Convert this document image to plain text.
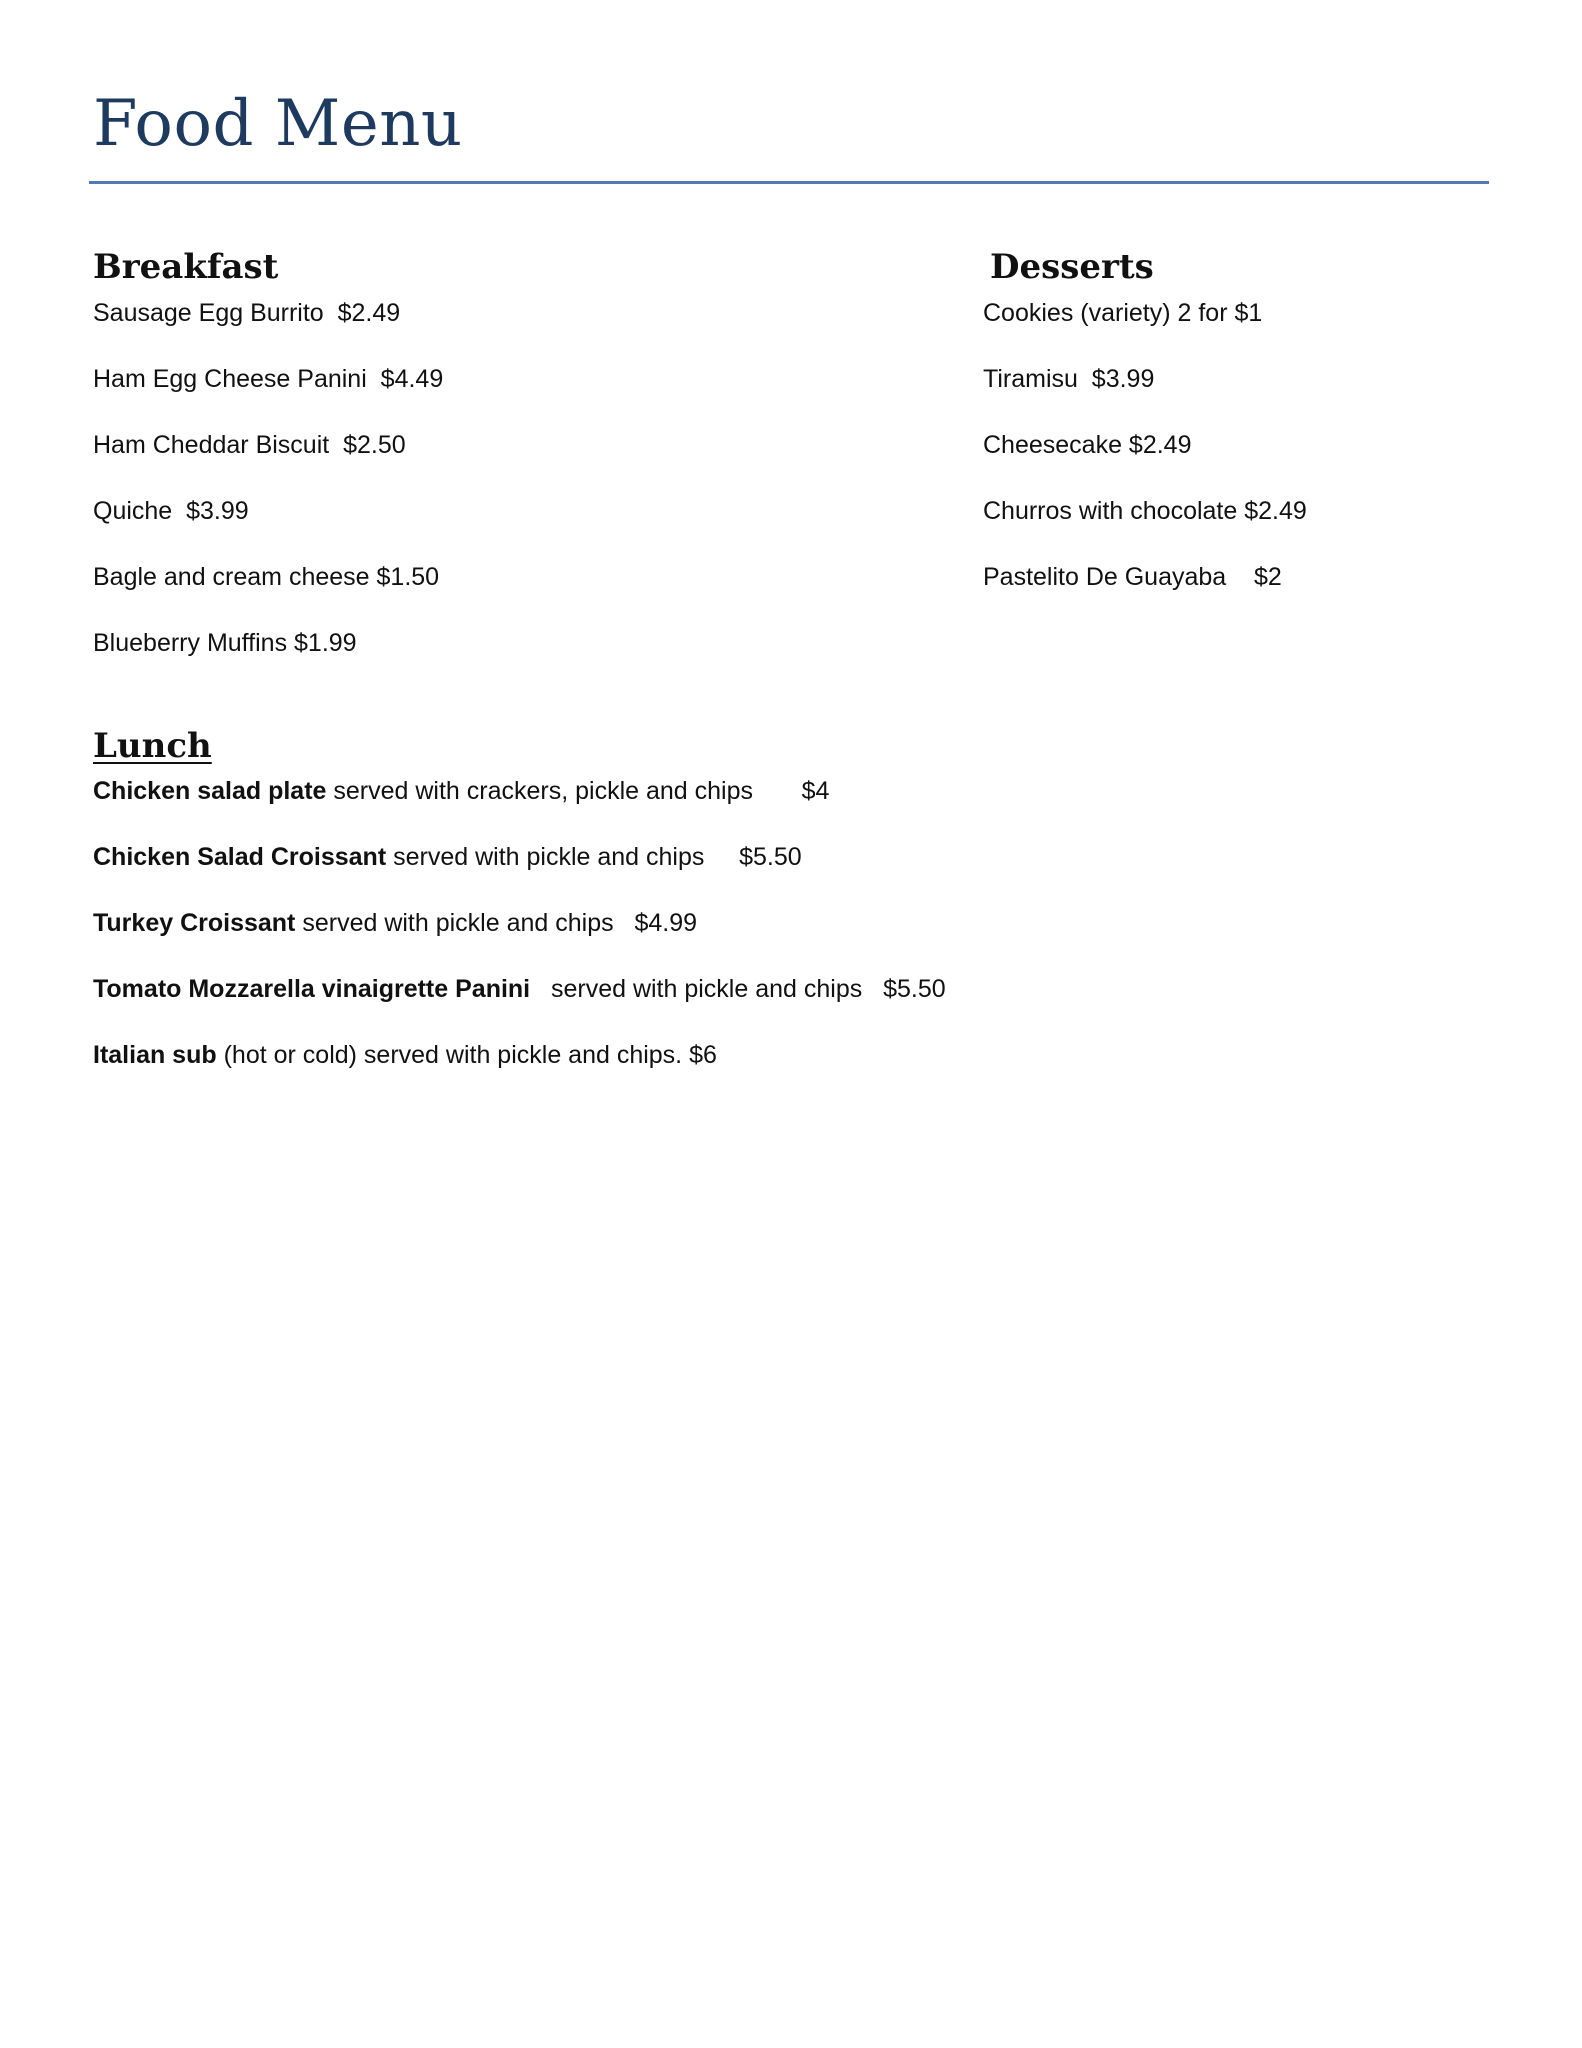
Food Menu
Breakfast
Sausage Egg Burrito  $2.49
Ham Egg Cheese Panini  $4.49
Ham Cheddar Biscuit  $2.50
Quiche  $3.99
Bagle and cream cheese $1.50
Blueberry Muffins $1.99
Desserts
Cookies (variety) 2 for $1
Tiramisu  $3.99
Cheesecake $2.49
Churros with chocolate $2.49
Pastelito De Guayaba    $2
Lunch
Chicken salad plate served with crackers, pickle and chips       $4
Chicken Salad Croissant served with pickle and chips     $5.50
Turkey Croissant served with pickle and chips   $4.99
Tomato Mozzarella vinaigrette Panini   served with pickle and chips   $5.50
Italian sub (hot or cold) served with pickle and chips. $6
